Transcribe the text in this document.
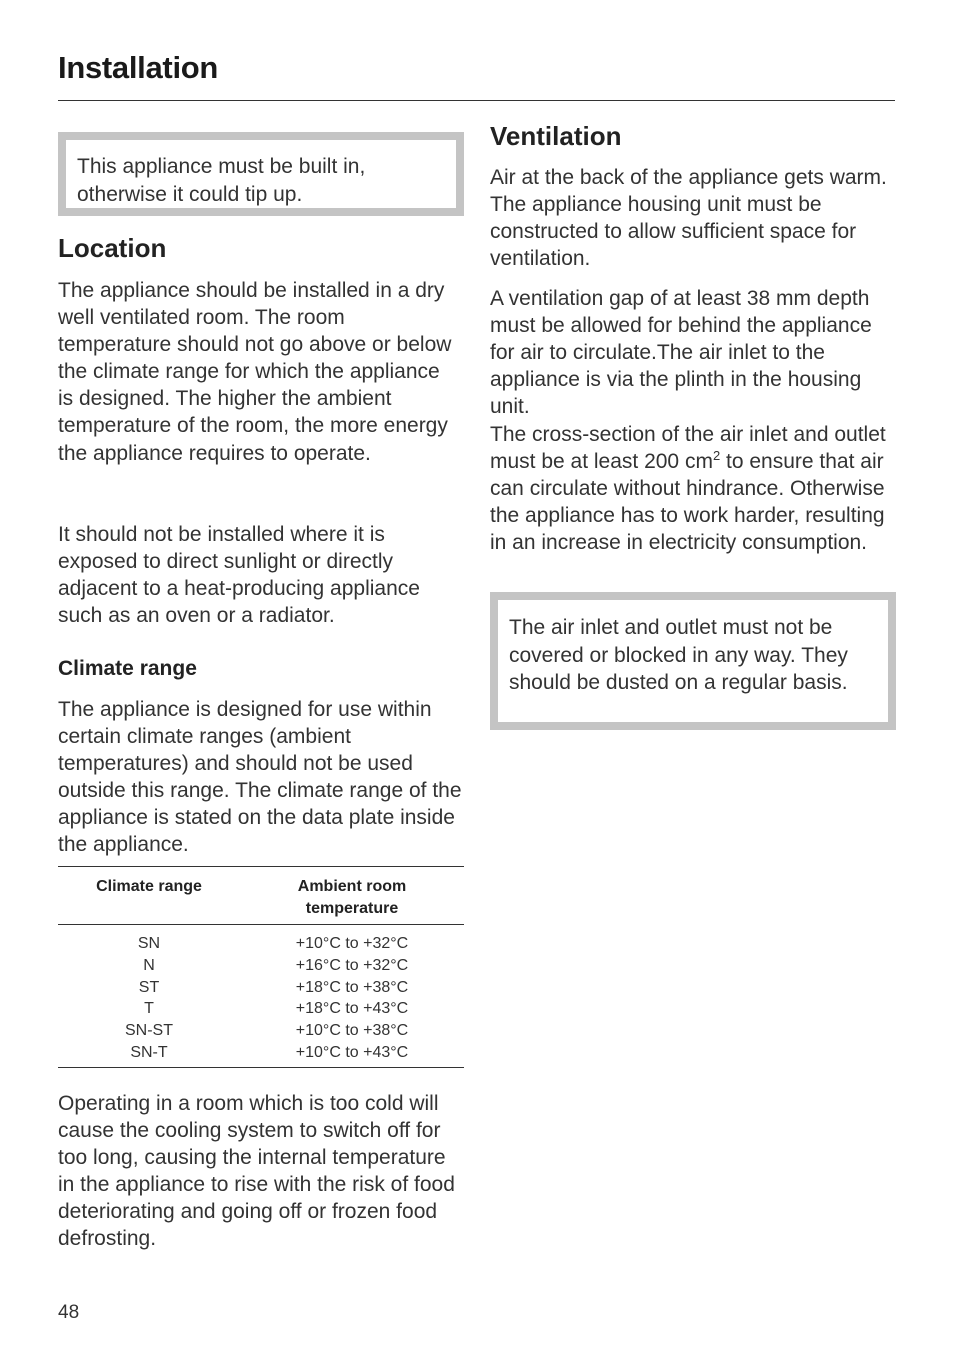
Installation

This appliance must be built in, otherwise it could tip up.

Location

The appliance should be installed in a dry well ventilated room. The room temperature should not go above or below the climate range for which the appliance is designed. The higher the ambient temperature of the room, the more energy the appliance requires to operate.

It should not be installed where it is exposed to direct sunlight or directly adjacent to a heat-producing appliance such as an oven or a radiator.

Climate range

The appliance is designed for use within certain climate ranges (ambient temperatures) and should not be used outside this range. The climate range of the appliance is stated on the data plate inside the appliance.

Climate range	Ambient room
temperature
SN	+10°C to +32°C
N	+16°C to +32°C
ST	+18°C to +38°C
T	+18°C to +43°C
SN-ST	+10°C to +38°C
SN-T	+10°C to +43°C

Operating in a room which is too cold will cause the cooling system to switch off for too long, causing the internal temperature in the appliance to rise with the risk of food deteriorating and going off or frozen food defrosting.

Ventilation

Air at the back of the appliance gets warm. The appliance housing unit must be constructed to allow sufficient space for ventilation.

A ventilation gap of at least 38 mm depth must be allowed for behind the appliance for air to circulate.The air inlet to the appliance is via the plinth in the housing unit.

The cross-section of the air inlet and outlet must be at least 200 $cm^2$ to ensure that air can circulate without hindrance. Otherwise the appliance has to work harder, resulting in an increase in electricity consumption.

The air inlet and outlet must not be covered or blocked in any way. They should be dusted on a regular basis.

48
